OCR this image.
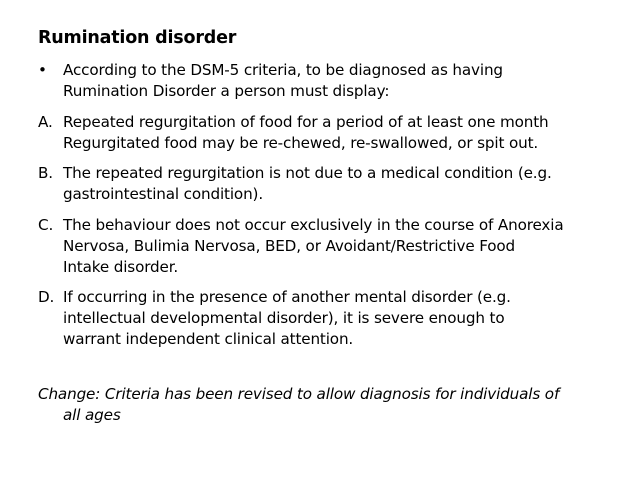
Rumination disorder
• According to the DSM-5 criteria, to be diagnosed as having
Rumination Disorder a person must display:
A. Repeated regurgitation of food for a period of at least one month
Regurgitated food may be re-chewed, re-swallowed, or spit out.
B. The repeated regurgitation is not due to a medical condition (e.g.
gastrointestinal condition).
C. The behaviour does not occur exclusively in the course of Anorexia
Nervosa, Bulimia Nervosa, BED, or Avoidant/Restrictive Food
Intake disorder.
D. If occurring in the presence of another mental disorder (e.g.
intellectual developmental disorder), it is severe enough to
warrant independent clinical attention.
Change: Criteria has been revised to allow diagnosis for individuals of
all ages
